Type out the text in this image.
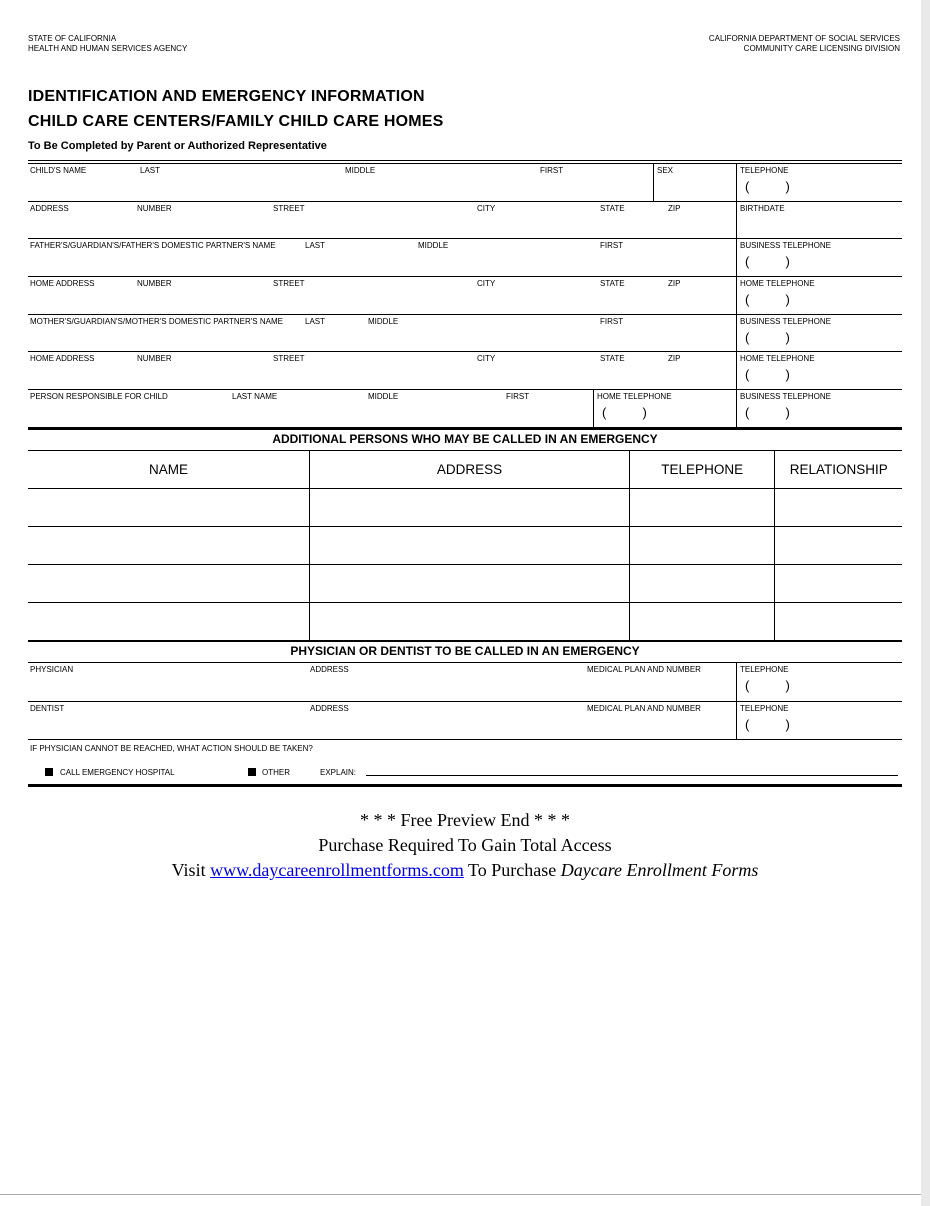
STATE OF CALIFORNIA
HEALTH AND HUMAN SERVICES AGENCY
CALIFORNIA DEPARTMENT OF SOCIAL SERVICES
COMMUNITY CARE LICENSING DIVISION
IDENTIFICATION AND EMERGENCY INFORMATION
CHILD CARE CENTERS/FAMILY CHILD CARE HOMES
To Be Completed by Parent or Authorized Representative
CHILD'S NAME	LAST	MIDDLE	FIRST	SEX	TELEPHONE
(          )
ADDRESS	NUMBER	STREET	CITY	STATE	ZIP	BIRTHDATE
FATHER'S/GUARDIAN'S/FATHER'S DOMESTIC PARTNER'S NAME	LAST	MIDDLE	FIRST	BUSINESS TELEPHONE
(          )
HOME ADDRESS	NUMBER	STREET	CITY	STATE	ZIP	HOME TELEPHONE
(          )
MOTHER'S/GUARDIAN'S/MOTHER'S DOMESTIC PARTNER'S NAME	LAST	MIDDLE	FIRST	BUSINESS TELEPHONE
(          )
HOME ADDRESS	NUMBER	STREET	CITY	STATE	ZIP	HOME TELEPHONE
(          )
PERSON RESPONSIBLE FOR CHILD	LAST NAME	MIDDLE	FIRST	HOME TELEPHONE
(          )
BUSINESS TELEPHONE
(          )
ADDITIONAL PERSONS WHO MAY BE CALLED IN AN EMERGENCY
NAME	ADDRESS	TELEPHONE	RELATIONSHIP
PHYSICIAN OR DENTIST TO BE CALLED IN AN EMERGENCY
PHYSICIAN	ADDRESS	MEDICAL PLAN AND NUMBER	TELEPHONE
(          )
DENTIST	ADDRESS	MEDICAL PLAN AND NUMBER	TELEPHONE
(          )
IF PHYSICIAN CANNOT BE REACHED, WHAT ACTION SHOULD BE TAKEN?
CALL EMERGENCY HOSPITAL	OTHER	EXPLAIN:
* * * Free Preview End * * *
Purchase Required To Gain Total Access
Visit www.daycareenrollmentforms.com To Purchase Daycare Enrollment Forms
